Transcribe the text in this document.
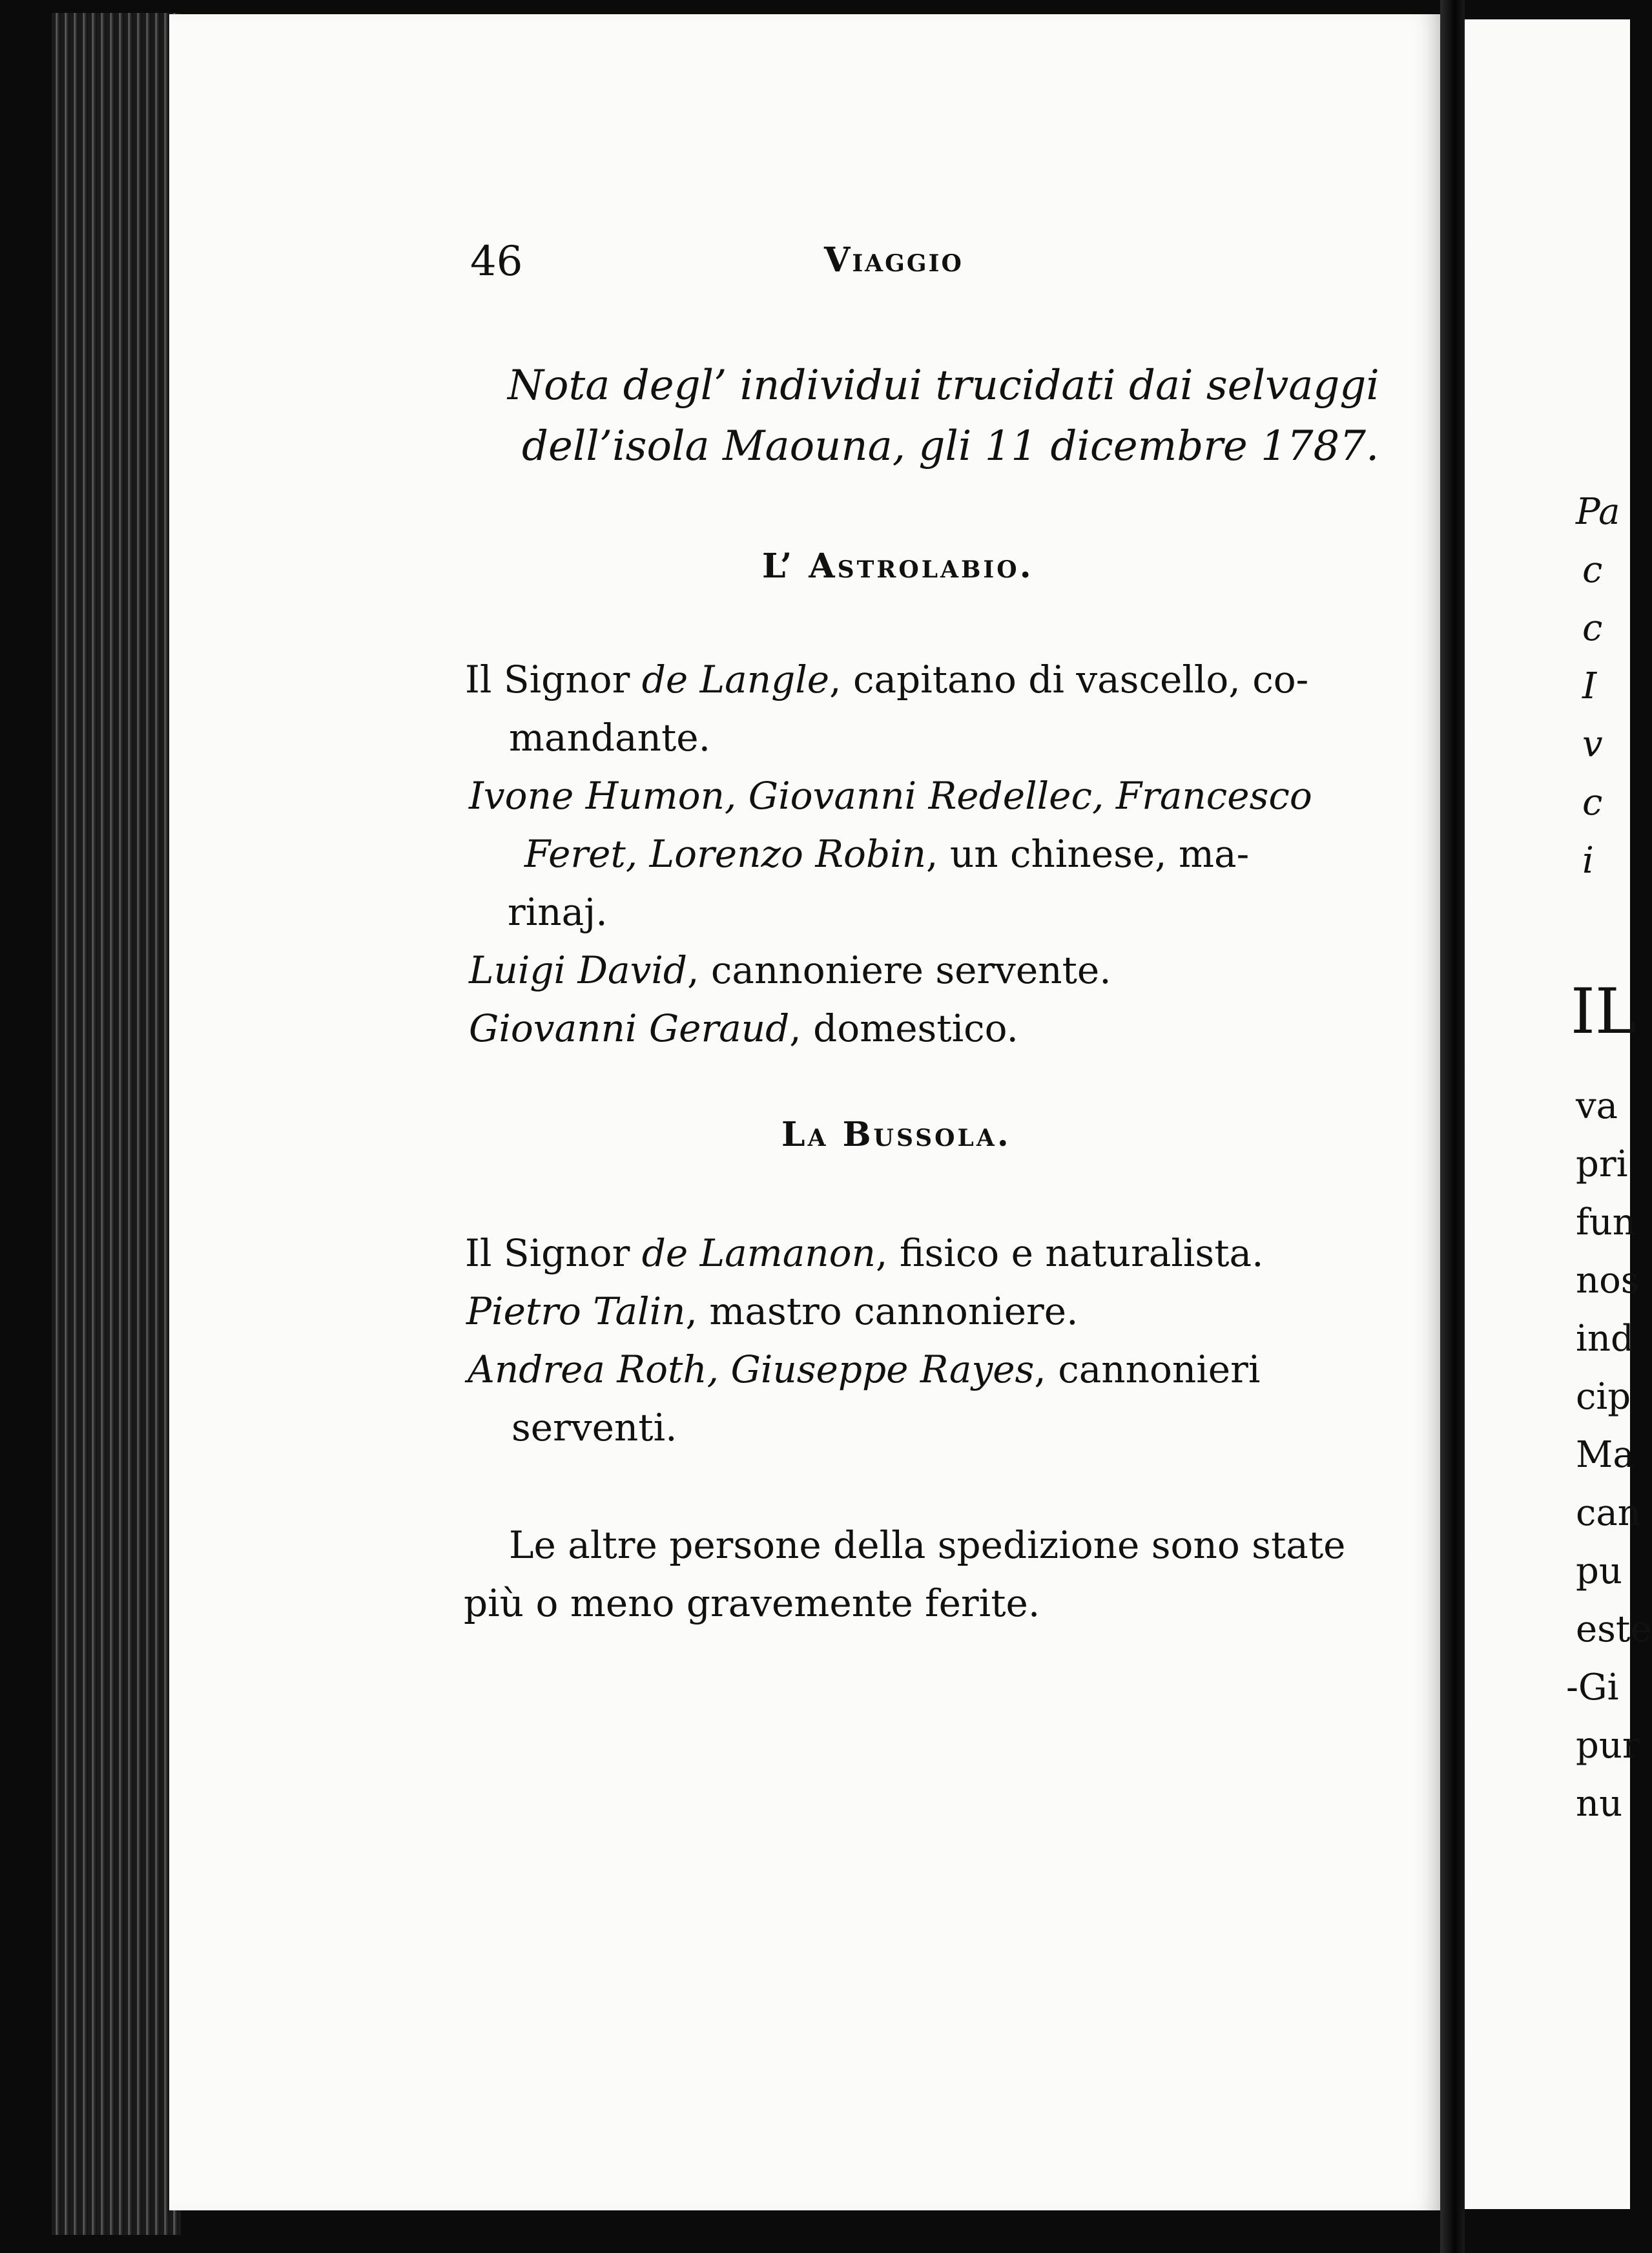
46	Viaggio
Nota degl’ individui trucidati dai selvaggi
dell’isola Maouna, gli 11 dicembre 1787.
L’ Astrolabio.
Il Signor de Langle, capitano di vascello, co-
mandante.
Ivone Humon, Giovanni Redellec, Francesco
Feret, Lorenzo Robin, un chinese, ma-
rinaj.
Luigi David, cannoniere servente.
Giovanni Geraud, domestico.
La Bussola.
Il Signor de Lamanon, fisico e naturalista.
Pietro Talin, mastro cannoniere.
Andrea Roth, Giuseppe Rayes, cannonieri
serventi.
Le altre persone della spedizione sono state
più o meno gravemente ferite.
Pa
c
c
I
v
c
i
IL
va
pri
fun
nos
ind
cip
Ma
can
pu
este
-Gi
pur
nu
